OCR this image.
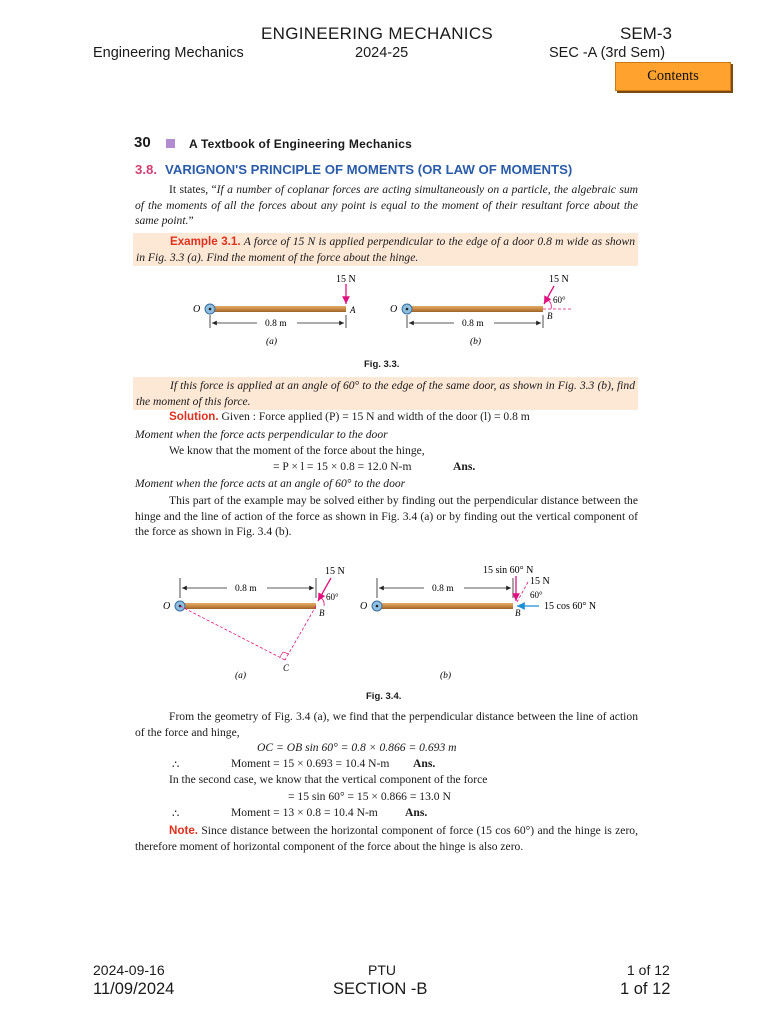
ENGINEERING MECHANICS	SEM-3
Engineering Mechanics	2024-25	SEC -A (3rd Sem)
Contents
30	A Textbook of Engineering Mechanics
3.8. VARIGNON'S PRINCIPLE OF MOMENTS (OR LAW OF MOMENTS)
It states, “If a number of coplanar forces are acting simultaneously on a particle, the algebraic sum of the moments of all the forces about any point is equal to the moment of their resultant force about the same point.”
Example 3.1. A force of 15 N is applied perpendicular to the edge of a door 0.8 m wide as shown in Fig. 3.3 (a). Find the moment of the force about the hinge.
15 N
O	A
0.8 m
(a)
15 N
60°
O
B
0.8 m
(b)
Fig. 3.3.
If this force is applied at an angle of 60° to the edge of the same door, as shown in Fig. 3.3 (b), find the moment of this force.
Solution. Given : Force applied (P) = 15 N and width of the door (l) = 0.8 m
Moment when the force acts perpendicular to the door
We know that the moment of the force about the hinge,
= P × l = 15 × 0.8 = 12.0 N-m	Ans.
Moment when the force acts at an angle of 60° to the door
This part of the example may be solved either by finding out the perpendicular distance between the hinge and the line of action of the force as shown in Fig. 3.4 (a) or by finding out the vertical component of the force as shown in Fig. 3.4 (b).
0.8 m
O
15 N
60°
B
C
(a)
0.8 m
O
15 sin 60° N
15 N
60°
15 cos 60° N
B
(b)
Fig. 3.4.
From the geometry of Fig. 3.4 (a), we find that the perpendicular distance between the line of action of the force and hinge,
OC = OB sin 60° = 0.8 × 0.866 = 0.693 m
∴	Moment = 15 × 0.693 = 10.4 N-m Ans.
In the second case, we know that the vertical component of the force
= 15 sin 60° = 15 × 0.866 = 13.0 N
∴	Moment = 13 × 0.8 = 10.4 N-m Ans.
Note. Since distance between the horizontal component of force (15 cos 60°) and the hinge is zero, therefore moment of horizontal component of the force about the hinge is also zero.
2024-09-16
11/09/2024
PTU
SECTION -B
1 of 12
1 of 12
